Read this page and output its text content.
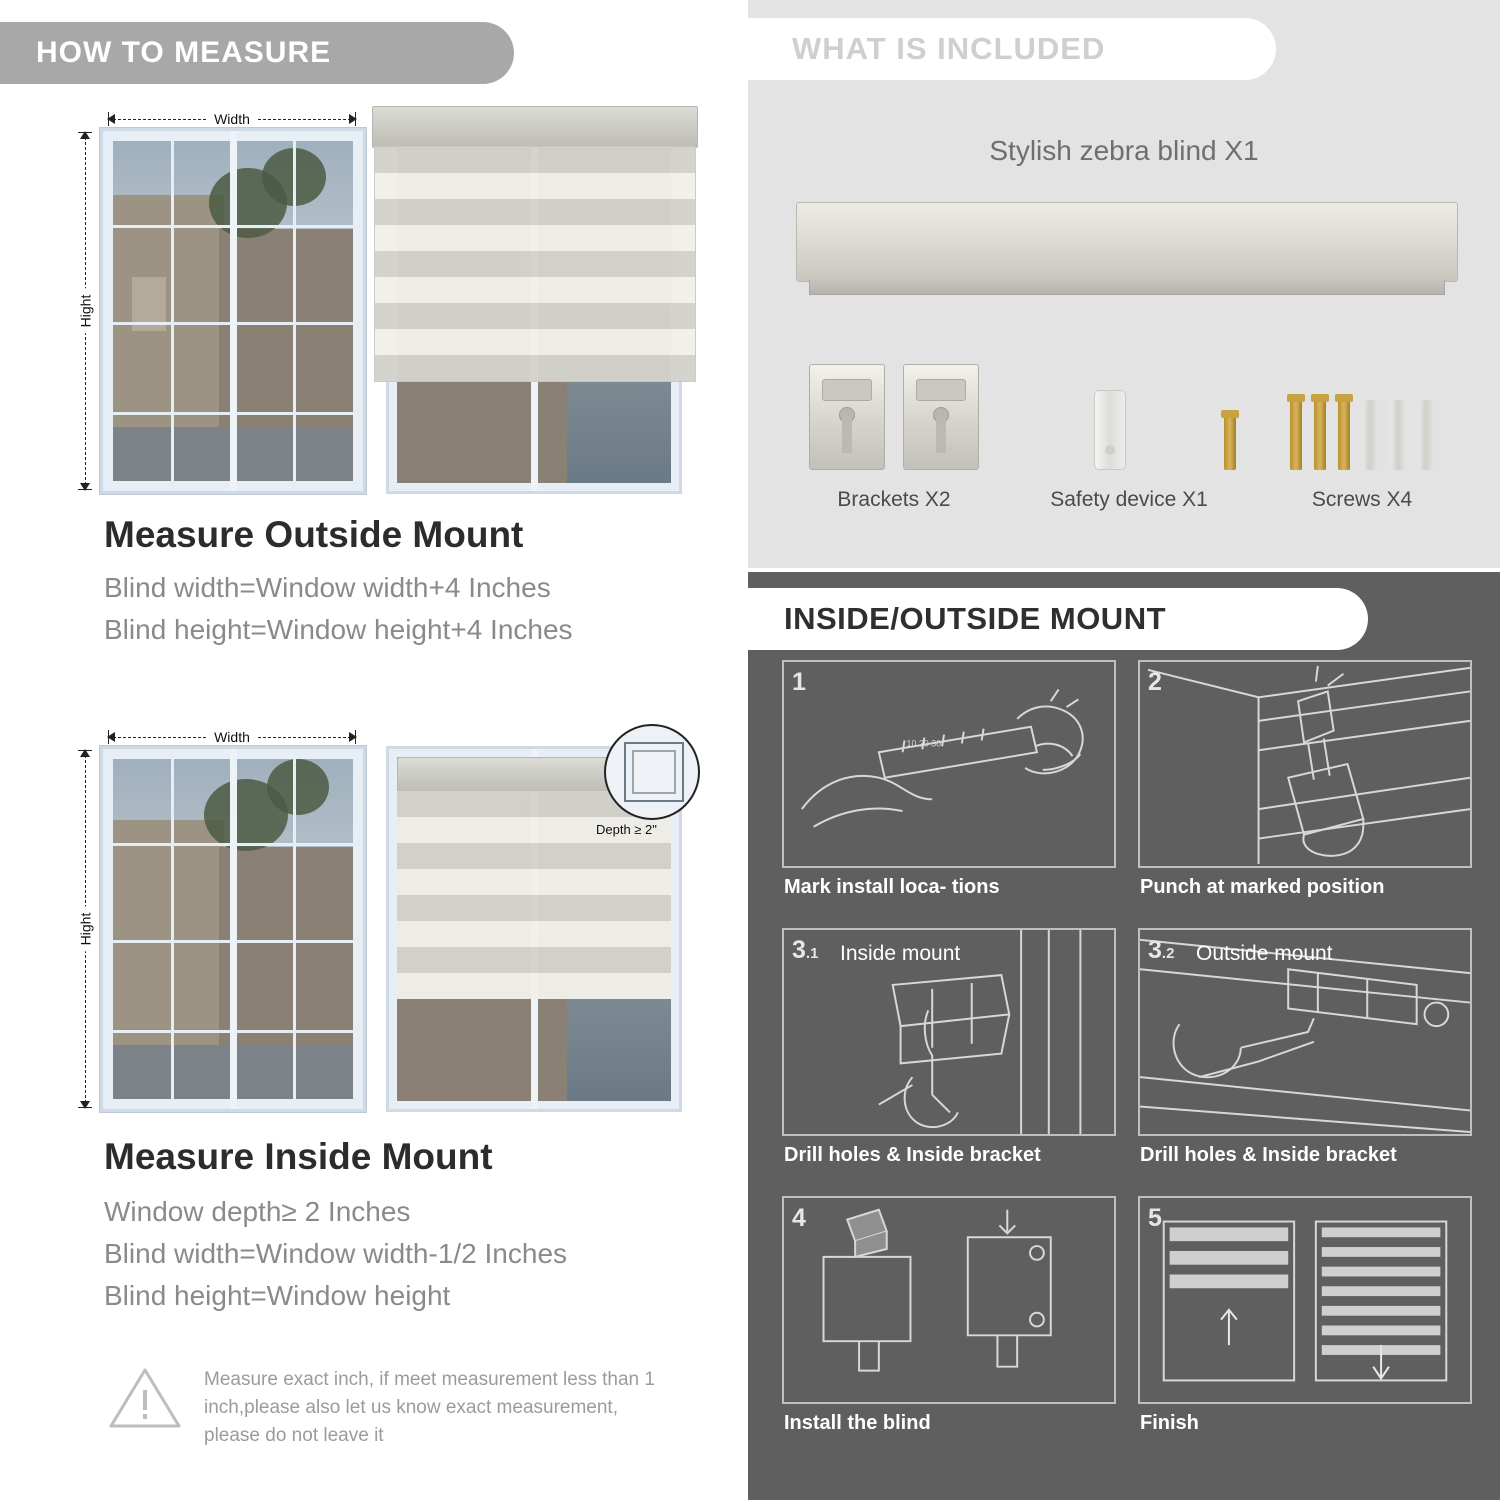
HOW TO MEASURE
Width
Hight
Measure Outside Mount
Blind width=Window width+4 Inches
Blind height=Window height+4 Inches
Width
Hight
Depth ≥ 2"
Measure Inside Mount
Window depth≥ 2 Inches
Blind width=Window width-1/2 Inches
Blind height=Window height
Measure exact inch, if meet measurement less than 1 inch,please also let us know exact measurement, please do not leave it
WHAT IS INCLUDED
Stylish zebra blind X1
Brackets X2	Safety device X1	Screws X4
INSIDE/OUTSIDE MOUNT
10 20 30
1
Mark install loca- tions
2
Punch at marked position
3.1 Inside mount
Drill holes & Inside bracket
3.2 Outside mount
Drill holes & Inside bracket
4
Install the blind
5
Finish
